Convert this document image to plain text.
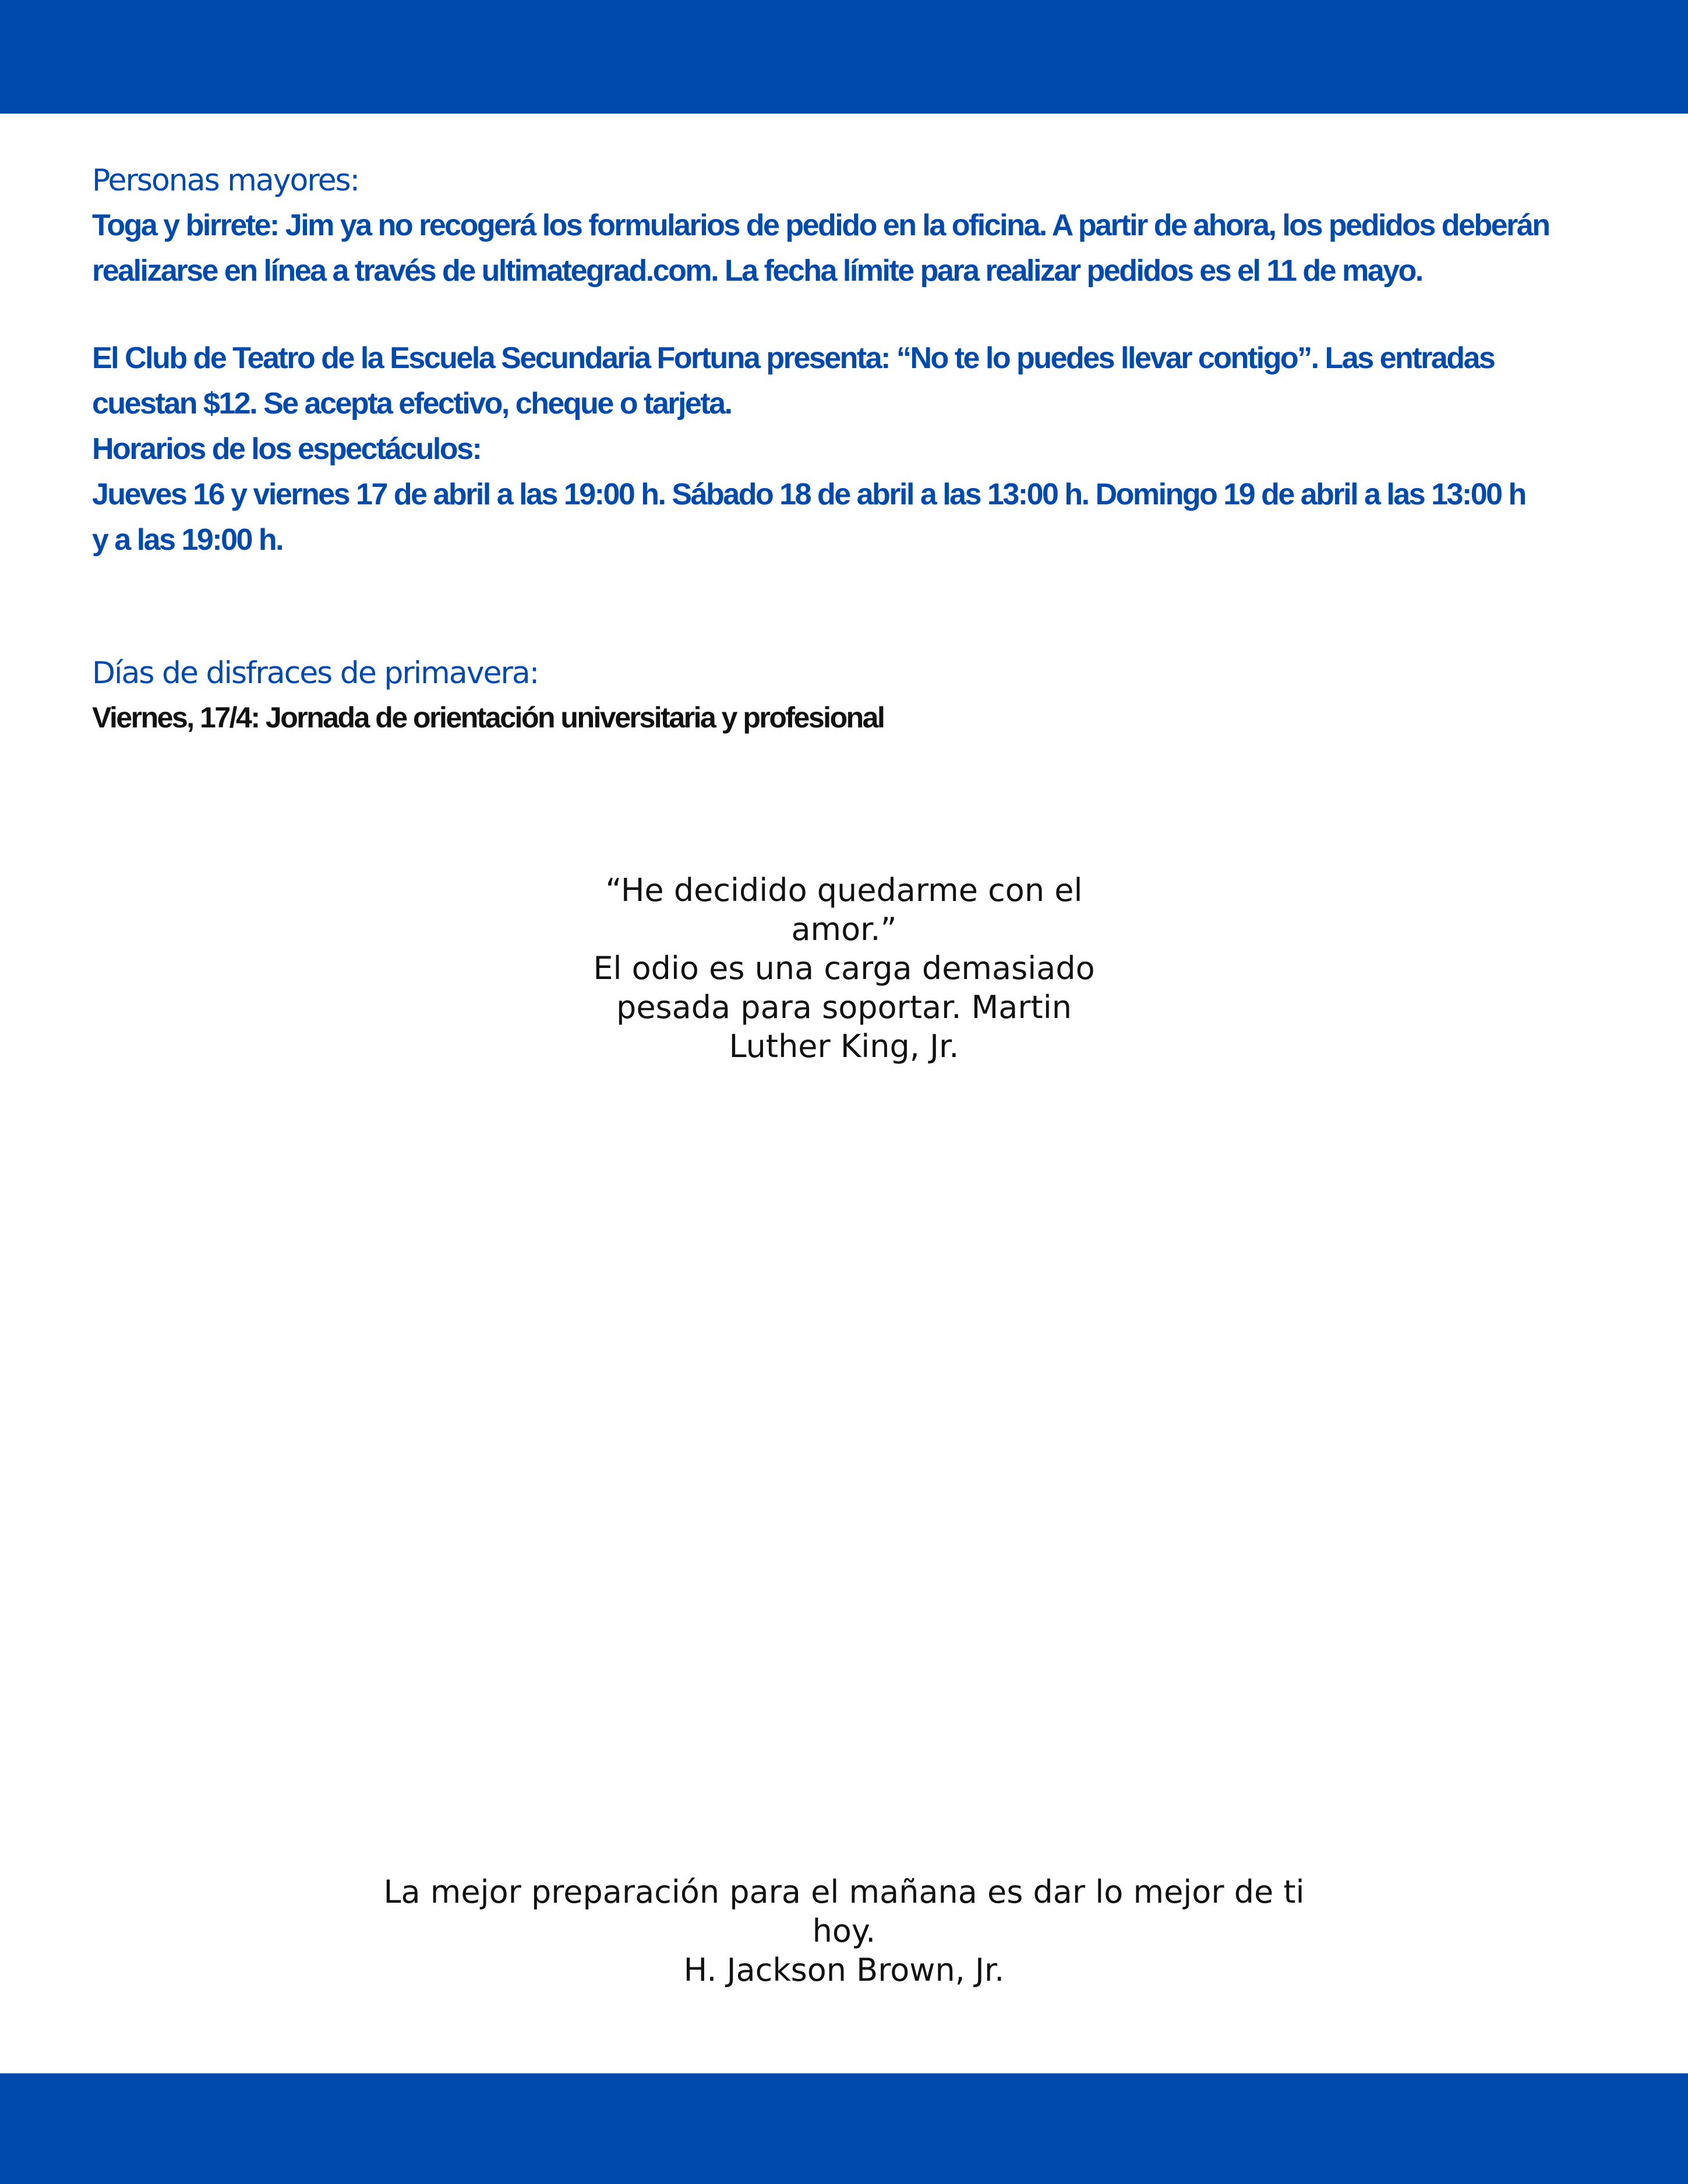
Personas mayores:

Toga y birrete: Jim ya no recogerá los formularios de pedido en la oficina. A partir de ahora, los pedidos deberán

realizarse en línea a través de ultimategrad.com. La fecha límite para realizar pedidos es el 11 de mayo.

El Club de Teatro de la Escuela Secundaria Fortuna presenta: “No te lo puedes llevar contigo”. Las entradas

cuestan $12. Se acepta efectivo, cheque o tarjeta.

Horarios de los espectáculos:

Jueves 16 y viernes 17 de abril a las 19:00 h. Sábado 18 de abril a las 13:00 h. Domingo 19 de abril a las 13:00 h

y a las 19:00 h.

Días de disfraces de primavera:

Viernes, 17/4: Jornada de orientación universitaria y profesional

“He decidido quedarme con el
amor.”
El odio es una carga demasiado
pesada para soportar. Martin
Luther King, Jr.
La mejor preparación para el mañana es dar lo mejor de ti
hoy.
H. Jackson Brown, Jr.
